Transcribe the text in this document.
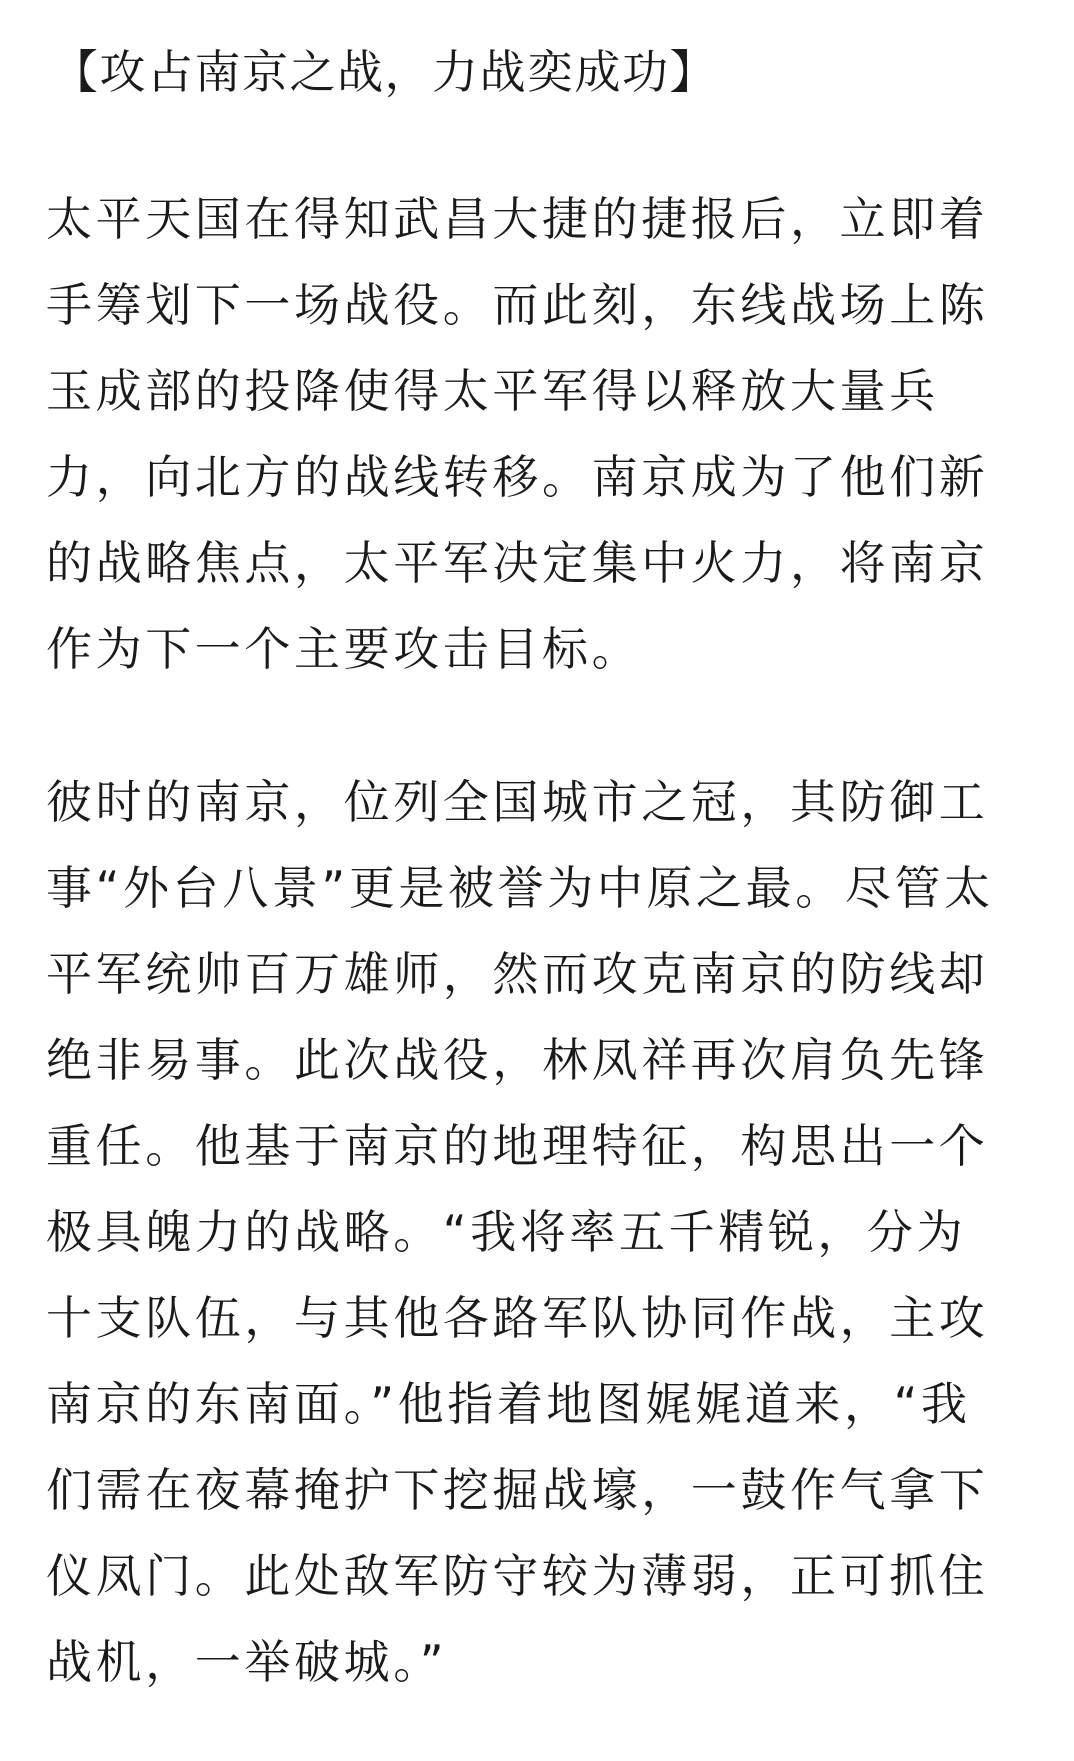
【攻占南京之战，力战奕成功】

太平天国在得知武昌大捷的捷报后，立即着
手筹划下一场战役。而此刻，东线战场上陈
玉成部的投降使得太平军得以释放大量兵
力，向北方的战线转移。南京成为了他们新
的战略焦点，太平军决定集中火力，将南京
作为下一个主要攻击目标。

彼时的南京，位列全国城市之冠，其防御工
事“外台八景”更是被誉为中原之最。尽管太
平军统帅百万雄师，然而攻克南京的防线却
绝非易事。此次战役，林凤祥再次肩负先锋
重任。他基于南京的地理特征，构思出一个
极具魄力的战略。“我将率五千精锐，分为
十支队伍，与其他各路军队协同作战，主攻
南京的东南面。”他指着地图娓娓道来，“我
们需在夜幕掩护下挖掘战壕，一鼓作气拿下
仪凤门。此处敌军防守较为薄弱，正可抓住
战机，一举破城。”
